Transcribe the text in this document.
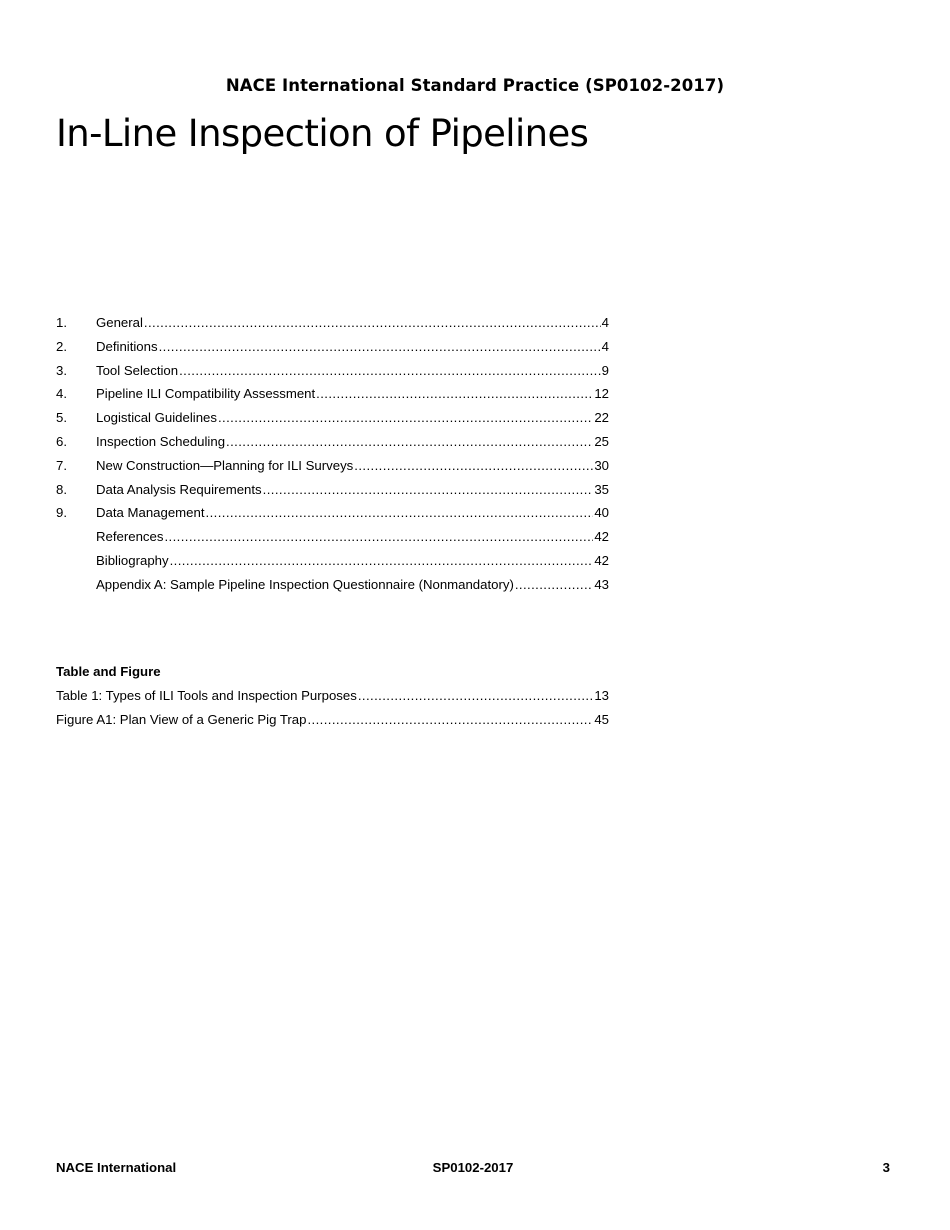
NACE International Standard Practice (SP0102-2017)
In-Line Inspection of Pipelines
1.	General .....	4
2.	Definitions .....	4
3.	Tool Selection .....	9
4.	Pipeline ILI Compatibility Assessment .....	12
5.	Logistical Guidelines .....	22
6.	Inspection Scheduling .....	25
7.	New Construction—Planning for ILI Surveys .....	30
8.	Data Analysis Requirements .....	35
9.	Data Management .....	40
References .....	42
Bibliography .....	42
Appendix A: Sample Pipeline Inspection Questionnaire (Nonmandatory) .....	43
Table and Figure
Table 1: Types of ILI Tools and Inspection Purposes .....	13
Figure A1: Plan View of a Generic Pig Trap .....	45
NACE International	SP0102-2017	3
